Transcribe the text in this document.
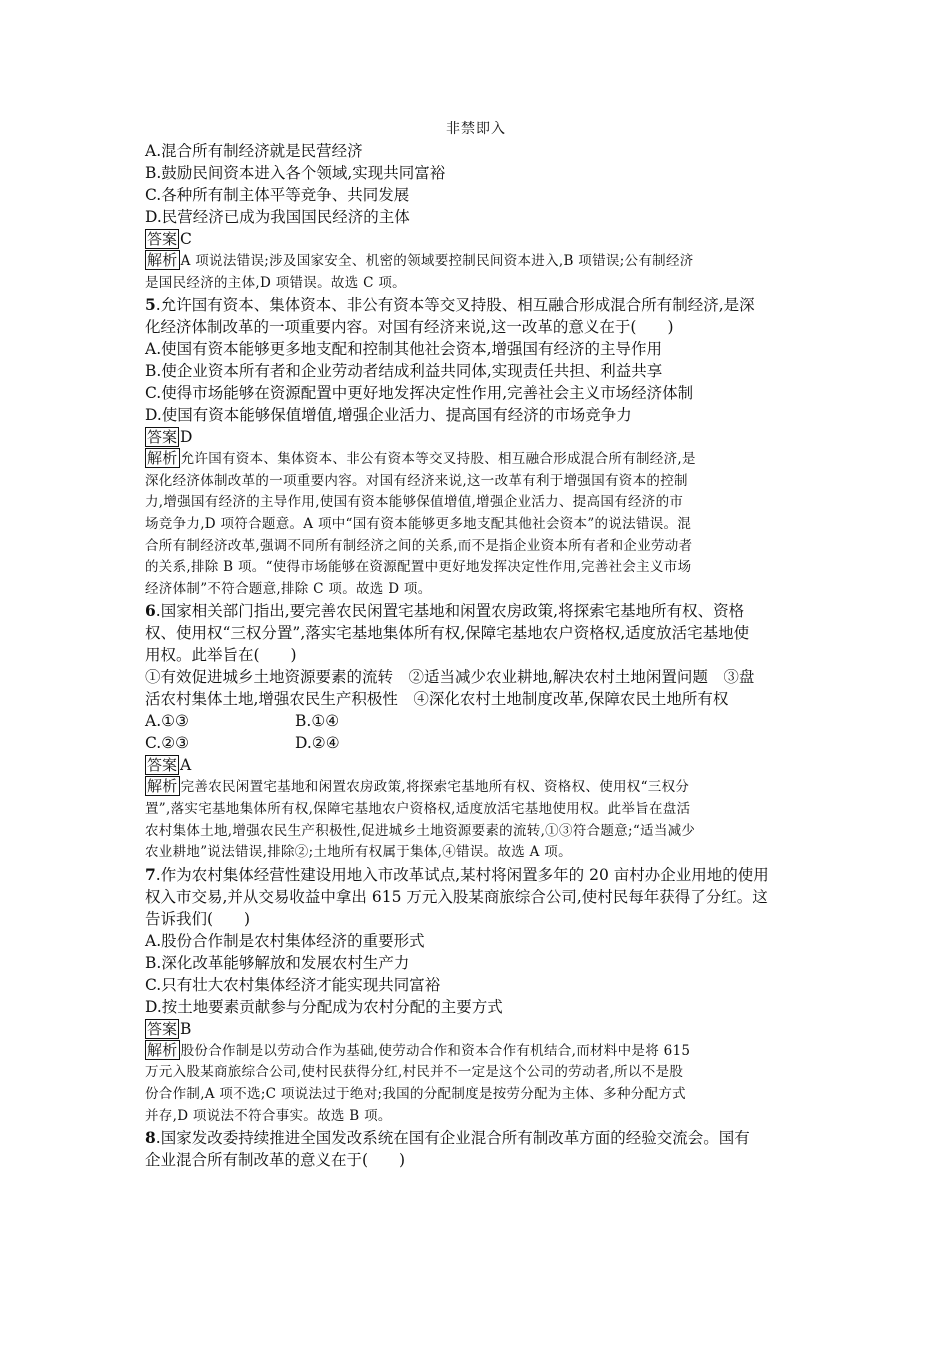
非禁即入
A.混合所有制经济就是民营经济
B.鼓励民间资本进入各个领域,实现共同富裕
C.各种所有制主体平等竞争、共同发展
D.民营经济已成为我国国民经济的主体
答案 C
解析 A 项说法错误;涉及国家安全、机密的领域要控制民间资本进入,B 项错误;公有制经济
是国民经济的主体,D 项错误。故选 C 项。
5.允许国有资本、集体资本、非公有资本等交叉持股、相互融合形成混合所有制经济,是深
化经济体制改革的一项重要内容。对国有经济来说,这一改革的意义在于(　　)
A.使国有资本能够更多地支配和控制其他社会资本,增强国有经济的主导作用
B.使企业资本所有者和企业劳动者结成利益共同体,实现责任共担、利益共享
C.使得市场能够在资源配置中更好地发挥决定性作用,完善社会主义市场经济体制
D.使国有资本能够保值增值,增强企业活力、提高国有经济的市场竞争力
答案 D
解析 允许国有资本、集体资本、非公有资本等交叉持股、相互融合形成混合所有制经济,是
深化经济体制改革的一项重要内容。对国有经济来说,这一改革有利于增强国有资本的控制
力,增强国有经济的主导作用,使国有资本能够保值增值,增强企业活力、提高国有经济的市
场竞争力,D 项符合题意。A 项中“国有资本能够更多地支配其他社会资本”的说法错误。混
合所有制经济改革,强调不同所有制经济之间的关系,而不是指企业资本所有者和企业劳动者
的关系,排除 B 项。“使得市场能够在资源配置中更好地发挥决定性作用,完善社会主义市场
经济体制”不符合题意,排除 C 项。故选 D 项。
6.国家相关部门指出,要完善农民闲置宅基地和闲置农房政策,将探索宅基地所有权、资格
权、使用权“三权分置”,落实宅基地集体所有权,保障宅基地农户资格权,适度放活宅基地使
用权。此举旨在(　　)
①有效促进城乡土地资源要素的流转　②适当减少农业耕地,解决农村土地闲置问题　③盘
活农村集体土地,增强农民生产积极性　④深化农村土地制度改革,保障农民土地所有权
A.①③	B.①④
C.②③	D.②④
答案 A
解析 完善农民闲置宅基地和闲置农房政策,将探索宅基地所有权、资格权、使用权“三权分
置”,落实宅基地集体所有权,保障宅基地农户资格权,适度放活宅基地使用权。此举旨在盘活
农村集体土地,增强农民生产积极性,促进城乡土地资源要素的流转,①③符合题意;“适当减少
农业耕地”说法错误,排除②;土地所有权属于集体,④错误。故选 A 项。
7.作为农村集体经营性建设用地入市改革试点,某村将闲置多年的 20 亩村办企业用地的使用
权入市交易,并从交易收益中拿出 615 万元入股某商旅综合公司,使村民每年获得了分红。这
告诉我们(　　)
A.股份合作制是农村集体经济的重要形式
B.深化改革能够解放和发展农村生产力
C.只有壮大农村集体经济才能实现共同富裕
D.按土地要素贡献参与分配成为农村分配的主要方式
答案 B
解析 股份合作制是以劳动合作为基础,使劳动合作和资本合作有机结合,而材料中是将 615
万元入股某商旅综合公司,使村民获得分红,村民并不一定是这个公司的劳动者,所以不是股
份合作制,A 项不选;C 项说法过于绝对;我国的分配制度是按劳分配为主体、多种分配方式
并存,D 项说法不符合事实。故选 B 项。
8.国家发改委持续推进全国发改系统在国有企业混合所有制改革方面的经验交流会。国有
企业混合所有制改革的意义在于(　　)
